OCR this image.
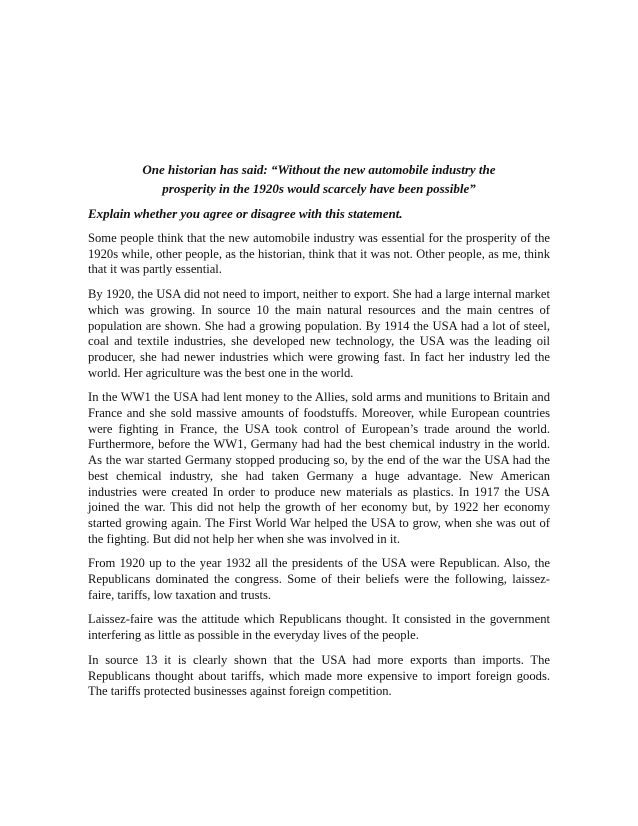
One historian has said: “Without the new automobile industry the
prosperity in the 1920s would scarcely have been possible”
Explain whether you agree or disagree with this statement.

Some people think that the new automobile industry was essential for the prosperity of the 1920s while, other people, as the historian, think that it was not. Other people, as me, think that it was partly essential.

By 1920, the USA did not need to import, neither to export. She had a large internal market which was growing. In source 10 the main natural resources and the main centres of population are shown. She had a growing population. By 1914 the USA had a lot of steel, coal and textile industries, she developed new technology, the USA was the leading oil producer, she had newer industries which were growing fast. In fact her industry led the world. Her agriculture was the best one in the world.

In the WW1 the USA had lent money to the Allies, sold arms and munitions to Britain and France and she sold massive amounts of foodstuffs. Moreover, while European countries were fighting in France, the USA took control of European’s trade around the world. Furthermore, before the WW1, Germany had had the best chemical industry in the world. As the war started Germany stopped producing so, by the end of the war the USA had the best chemical industry, she had taken Germany a huge advantage. New American industries were created In order to produce new materials as plastics. In 1917 the USA joined the war. This did not help the growth of her economy but, by 1922 her economy started growing again. The First World War helped the USA to grow, when she was out of the fighting. But did not help her when she was involved in it.

From 1920 up to the year 1932 all the presidents of the USA were Republican. Also, the Republicans dominated the congress. Some of their beliefs were the following, laissez-faire, tariffs, low taxation and trusts.

Laissez-faire was the attitude which Republicans thought. It consisted in the government interfering as little as possible in the everyday lives of the people.

In source 13 it is clearly shown that the USA had more exports than imports. The Republicans thought about tariffs, which made more expensive to import foreign goods. The tariffs protected businesses against foreign competition.
